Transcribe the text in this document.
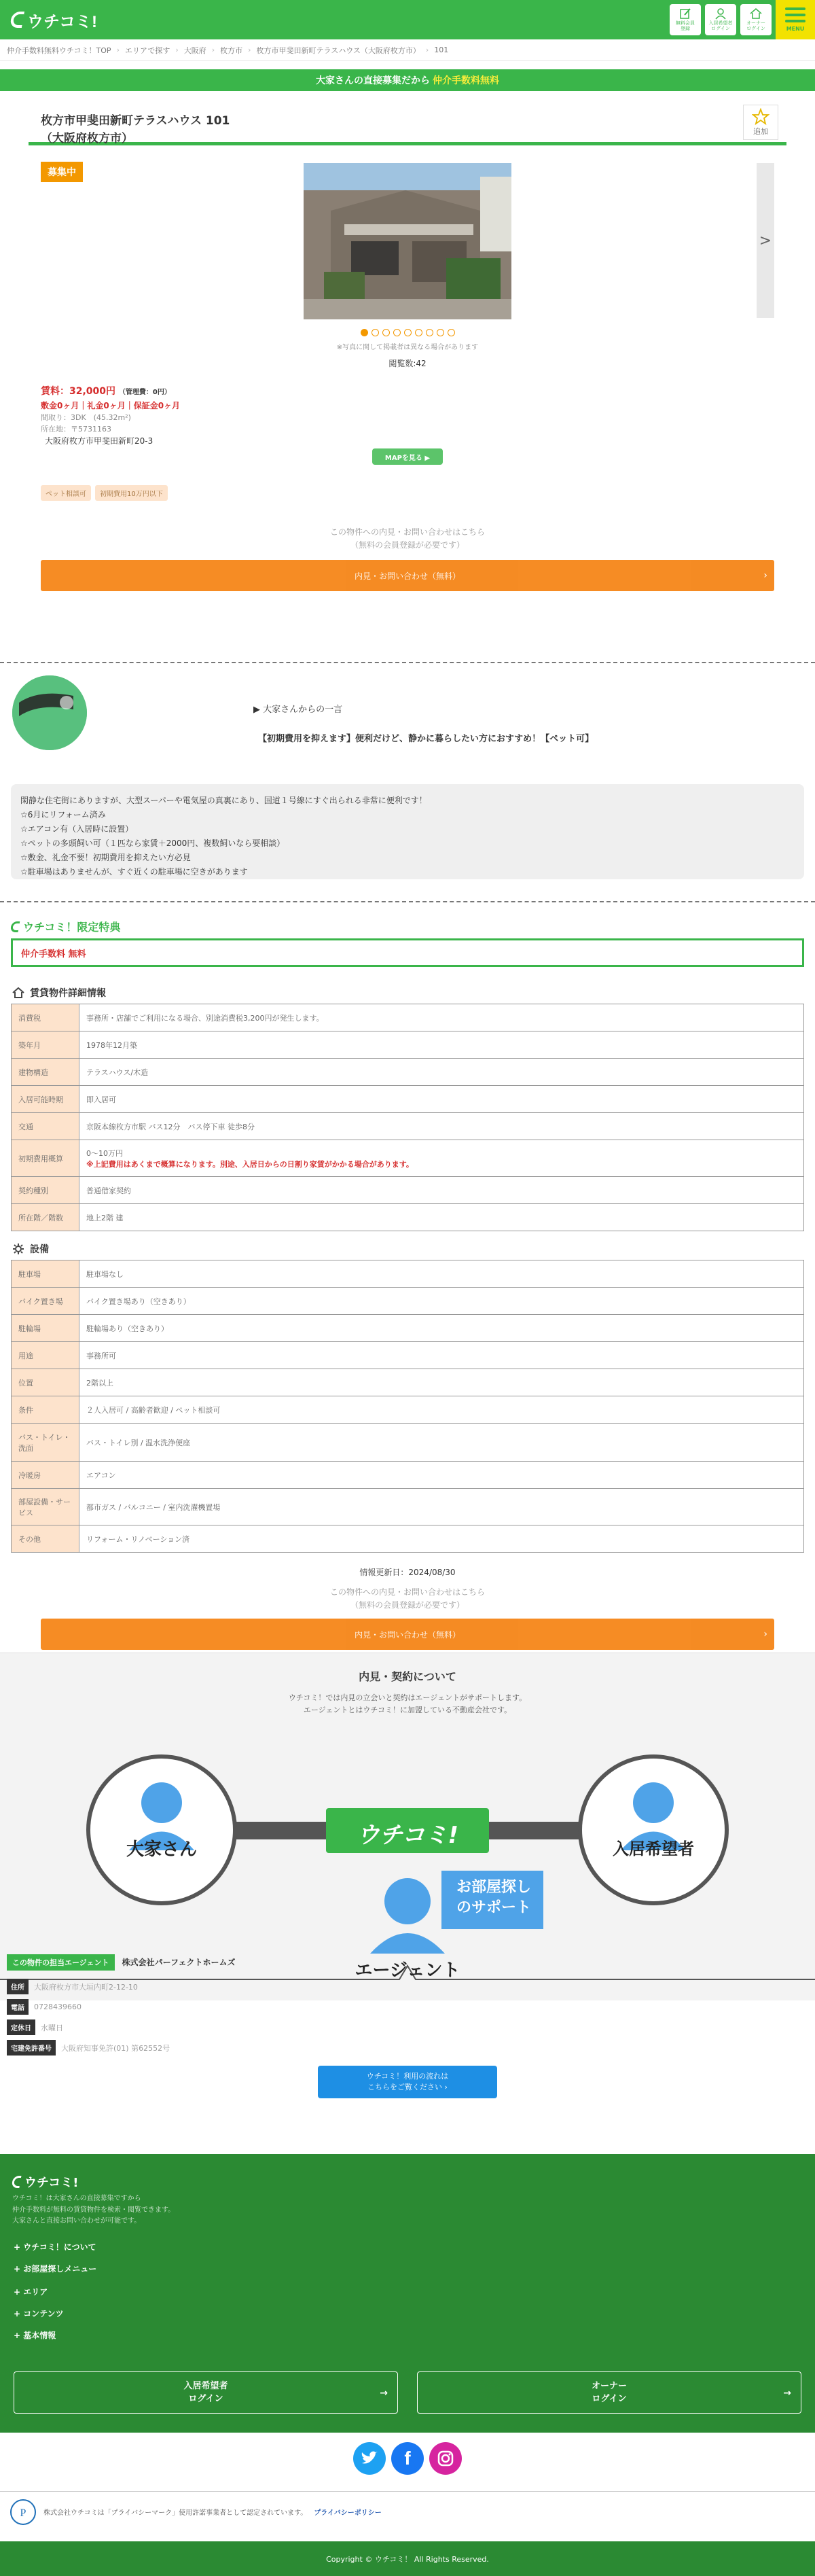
ウチコミ!	無料会員
登録
入居希望者
ログイン
オーナー
ログイン	MENU
仲介手数料無料ウチコミ！TOP › エリアで探す › 大阪府 › 枚方市 › 枚方市甲斐田新町テラスハウス（大阪府枚方市） › 101
大家さんの直接募集だから 仲介手数料無料
枚方市甲斐田新町テラスハウス 101
（大阪府枚方市）	追加
募集中
>
※写真に関して掲載者は異なる場合があります
閲覧数:42
賃料：32,000円 （管理費：0円）
敷金0ヶ月｜礼金0ヶ月｜保証金0ヶ月
間取り：3DK　(45.32m²)
所在地：〒5731163
大阪府枚方市甲斐田新町20-3
MAPを見る ▶
ペット相談可	初期費用10万円以下
この物件への内見・お問い合わせはこちら
（無料の会員登録が必要です）
内見・お問い合わせ（無料）	›
▶ 大家さんからの一言
【初期費用を抑えます】便利だけど、静かに暮らしたい方におすすめ！【ペット可】
閑静な住宅街にありますが、大型スーパーや電気屋の真裏にあり、国道１号線にすぐ出られる非常に便利です！
☆6月にリフォーム済み
☆エアコン有（入居時に設置）
☆ペットの多頭飼い可（１匹なら家賃＋2000円、複数飼いなら要相談）
☆敷金、礼金不要！初期費用を抑えたい方必見
☆駐車場はありませんが、すぐ近くの駐車場に空きがあります
ウチコミ！限定特典
仲介手数料 無料
賃貸物件詳細情報
消費税	事務所・店舗でご利用になる場合、別途消費税3,200円が発生します。
築年月	1978年12月築
建物構造	テラスハウス/木造
入居可能時期	即入居可
交通	京阪本線枚方市駅 バス12分　バス停下車 徒歩8分
初期費用概算	0〜10万円
※上記費用はあくまで概算になります。別途、入居日からの日割り家賃がかかる場合があります。

契約種別	普通借家契約
所在階／階数	地上2階 建
設備
駐車場	駐車場なし
バイク置き場	バイク置き場あり（空きあり）
駐輪場	駐輪場あり（空きあり）
用途	事務所可
位置	2階以上
条件	２人入居可 / 高齢者歓迎 / ペット相談可
バス・トイレ・洗面	バス・トイレ別 / 温水洗浄便座
冷暖房	エアコン
部屋設備・サービス	都市ガス / バルコニー / 室内洗濯機置場
その他	リフォーム・リノベーション済
情報更新日：2024/08/30
この物件への内見・お問い合わせはこちら
（無料の会員登録が必要です）
内見・お問い合わせ（無料）	›
内見・契約について

ウチコミ！では内見の立会いと契約はエージェントがサポートします。
エージェントとはウチコミ！に加盟している不動産会社です。

大家さん	入居希望者
ウチコミ!
お部屋探し
のサポート
エージェント
この物件の担当エージェント 株式会社パーフェクトホームズ
住所	大阪府枚方市大垣内町2-12-10
電話	0728439660
定休日	水曜日
宅建免許番号	大阪府知事免許(01) 第62552号
ウチコミ！利用の流れは
こちらをご覧ください ›
ウチコミ!
ウチコミ！は大家さんの直接募集ですから
仲介手数料が無料の賃貸物件を検索・閲覧できます。
大家さんと直接お問い合わせが可能です。
+ ウチコミ！について
+ お部屋探しメニュー
+ エリア
+ コンテンツ
+ 基本情報
入居希望者
ログイン
→
オーナー
ログイン
→
f
P	株式会社ウチコミは「プライバシーマーク」使用許諾事業者として認定されています。 プライバシーポリシー
Copyright © ウチコミ！ All Rights Reserved.
